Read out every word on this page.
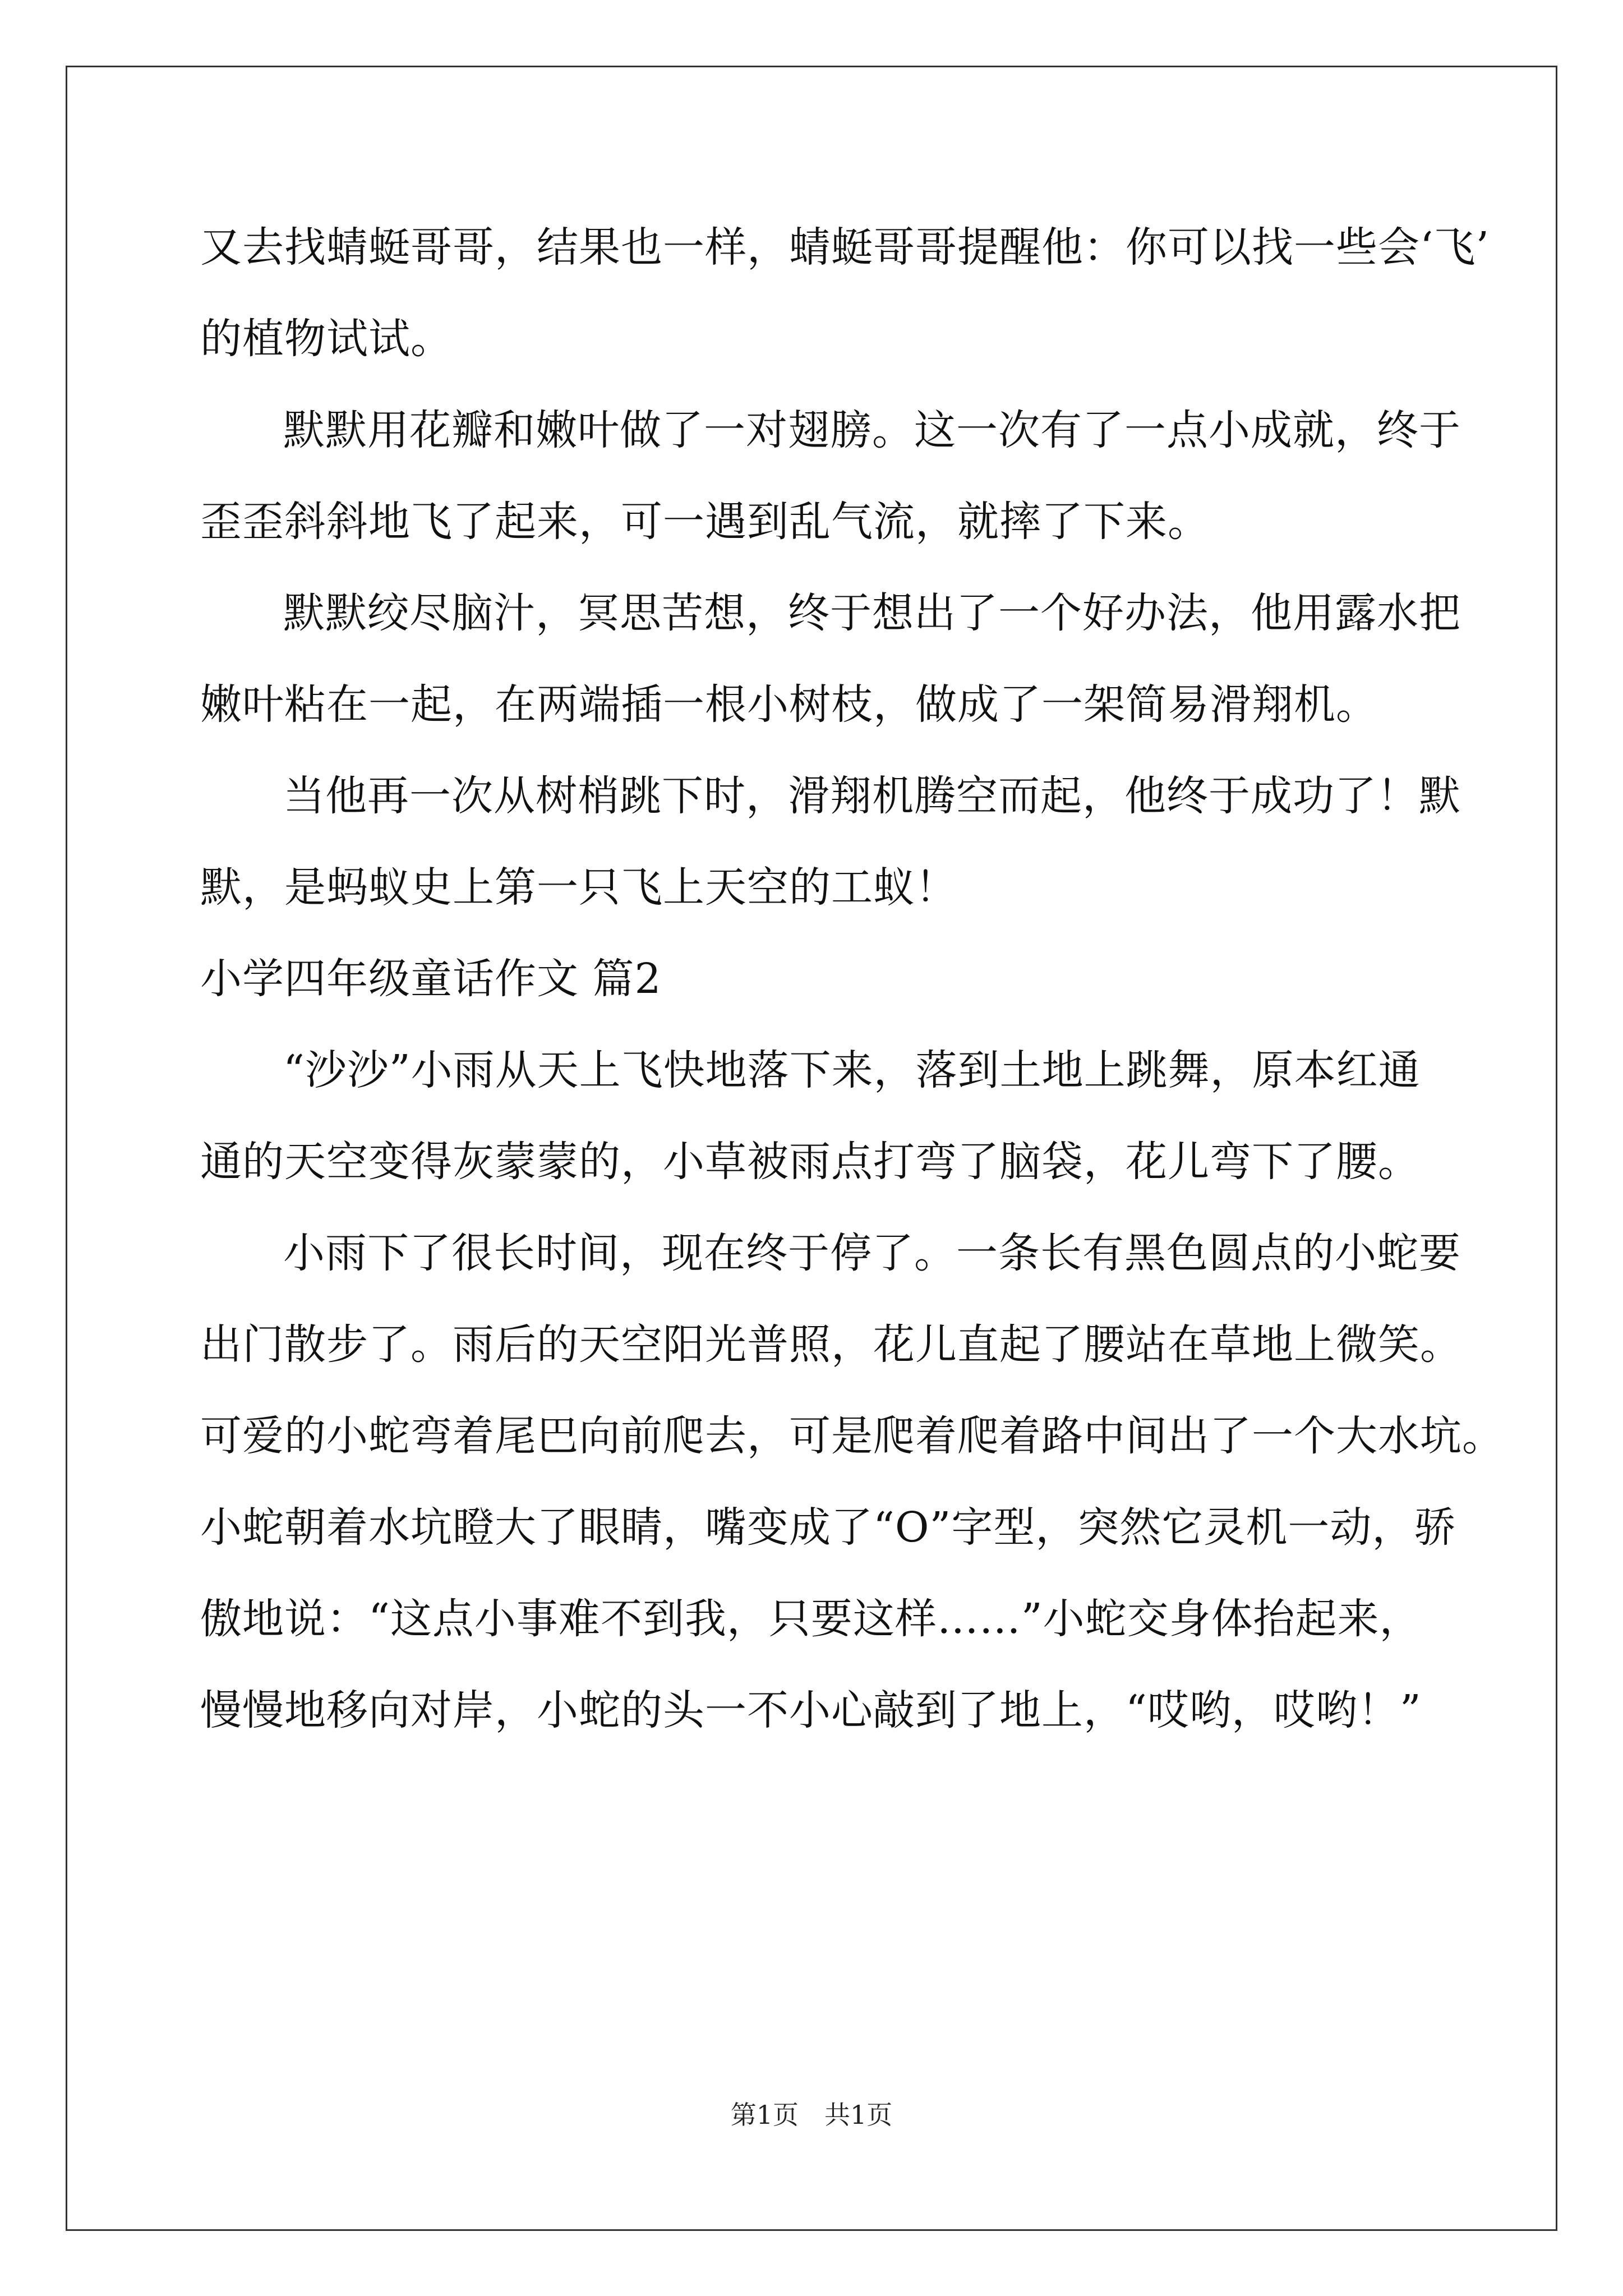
又去找蜻蜓哥哥，结果也一样，蜻蜓哥哥提醒他：你可以找一些会‘飞’
的植物试试。
默默用花瓣和嫩叶做了一对翅膀。这一次有了一点小成就，终于
歪歪斜斜地飞了起来，可一遇到乱气流，就摔了下来。
默默绞尽脑汁，冥思苦想，终于想出了一个好办法，他用露水把
嫩叶粘在一起，在两端插一根小树枝，做成了一架简易滑翔机。
当他再一次从树梢跳下时，滑翔机腾空而起，他终于成功了！默
默，是蚂蚁史上第一只飞上天空的工蚁！
小学四年级童话作文 篇2
“沙沙”小雨从天上飞快地落下来，落到土地上跳舞，原本红通
通的天空变得灰蒙蒙的，小草被雨点打弯了脑袋，花儿弯下了腰。
小雨下了很长时间，现在终于停了。一条长有黑色圆点的小蛇要
出门散步了。雨后的天空阳光普照，花儿直起了腰站在草地上微笑。
可爱的小蛇弯着尾巴向前爬去，可是爬着爬着路中间出了一个大水坑。
小蛇朝着水坑瞪大了眼睛，嘴变成了“O”字型，突然它灵机一动，骄
傲地说：“这点小事难不到我，只要这样……”小蛇交身体抬起来，
慢慢地移向对岸，小蛇的头一不小心敲到了地上，“哎哟，哎哟！”
第1页 共1页
